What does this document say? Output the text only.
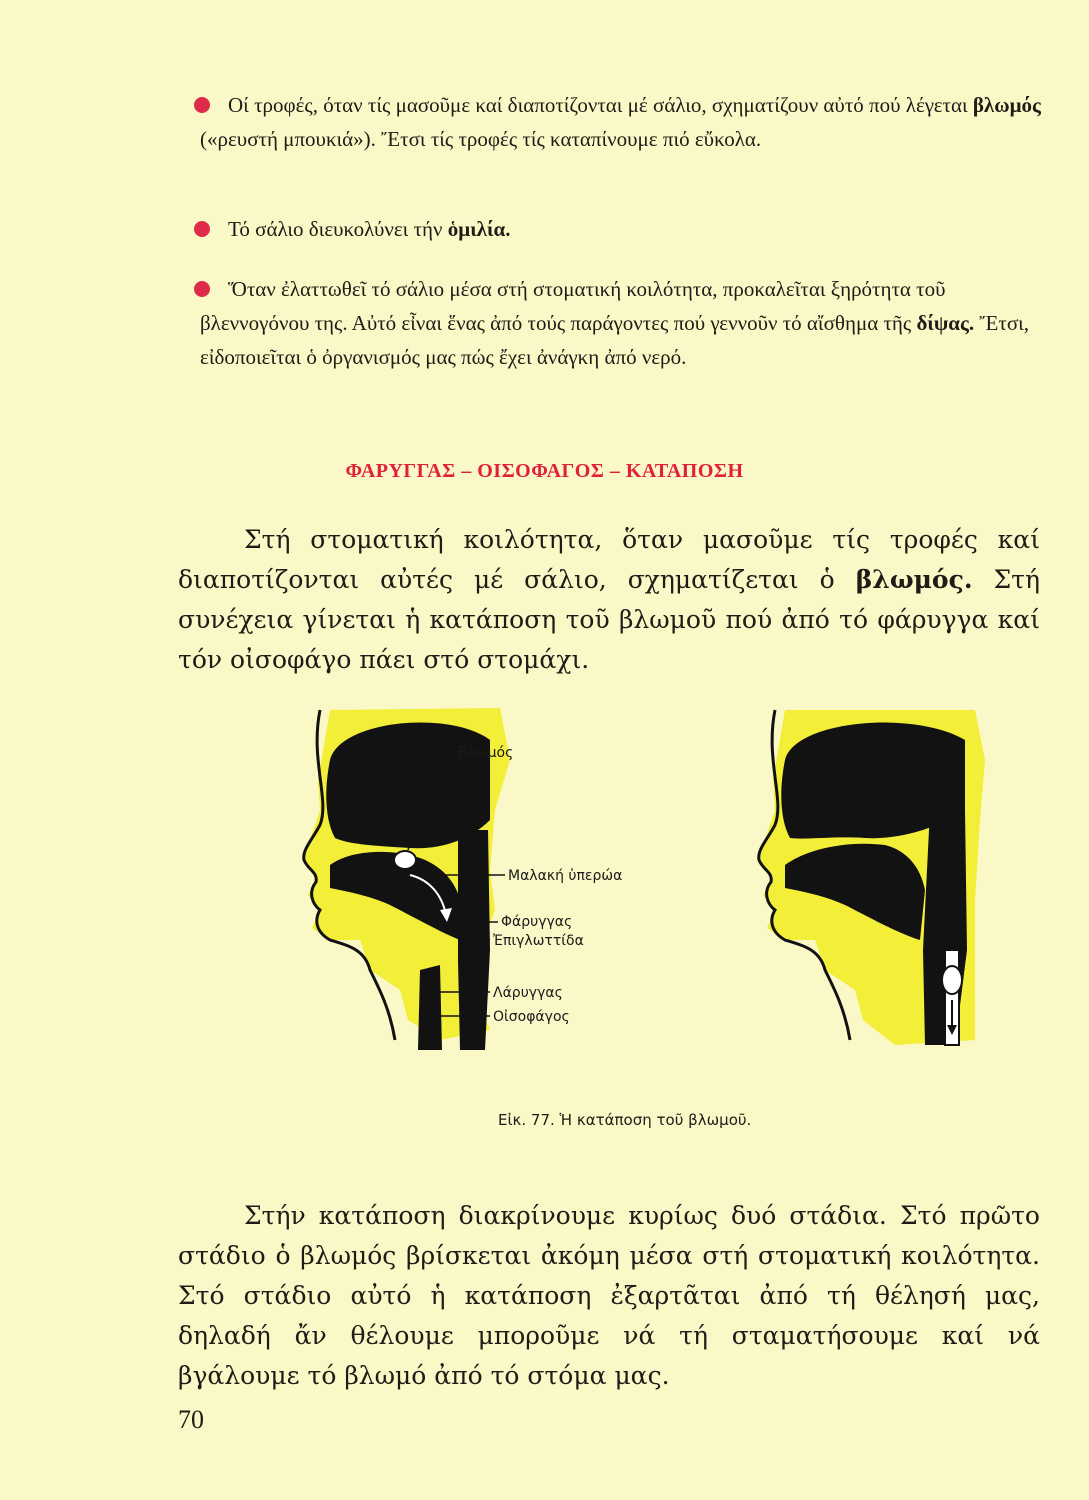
Οί τροφές, όταν τίς μασοῦμε καί διαποτίζονται μέ σάλιο, σχηματίζουν αὐτό πού λέγεται βλωμός («ρευστή μπουκιά»). Ἔτσι τίς τροφές τίς καταπίνουμε πιό εὔκολα.
Τό σάλιο διευκολύνει τήν ὁμιλία.
Ὅταν ἐλαττωθεῖ τό σάλιο μέσα στή στοματική κοιλότητα, προκαλεῖται ξηρότητα τοῦ βλεννογόνου της. Αὐτό εἶναι ἕνας ἀπό τούς παράγοντες πού γεννοῦν τό αἴσθημα τῆς δίψας. Ἔτσι, εἰδοποιεῖται ὁ ὀργανισμός μας πώς ἔχει ἀνάγκη ἀπό νερό.
ΦΑΡΥΓΓΑΣ – ΟΙΣΟΦΑΓΟΣ – ΚΑΤΑΠΟΣΗ
Στή στοματική κοιλότητα, ὅταν μασοῦμε τίς τροφές καί διαποτίζονται αὐτές μέ σάλιο, σχηματίζεται ὁ βλωμός. Στή συνέχεια γίνεται ἡ κατάποση τοῦ βλωμοῦ πού ἀπό τό φάρυγγα καί τόν οἰσοφάγο πάει στό στομάχι.
Βλωμός
Μαλακή ὑπερώα
Φάρυγγας
Ἐπιγλωττίδα
Λάρυγγας
Οἰσοφάγος
Εἰκ. 77. Ἡ κατάποση τοῦ βλωμοῦ.
Στήν κατάποση διακρίνουμε κυρίως δυό στάδια. Στό πρῶτο στάδιο ὁ βλωμός βρίσκεται ἀκόμη μέσα στή στοματική κοιλότητα. Στό στάδιο αὐτό ἡ κατάποση ἐξαρτᾶται ἀπό τή θέλησή μας, δηλαδή ἄν θέλουμε μποροῦμε νά τή σταματήσουμε καί νά βγάλουμε τό βλωμό ἀπό τό στόμα μας.
70
